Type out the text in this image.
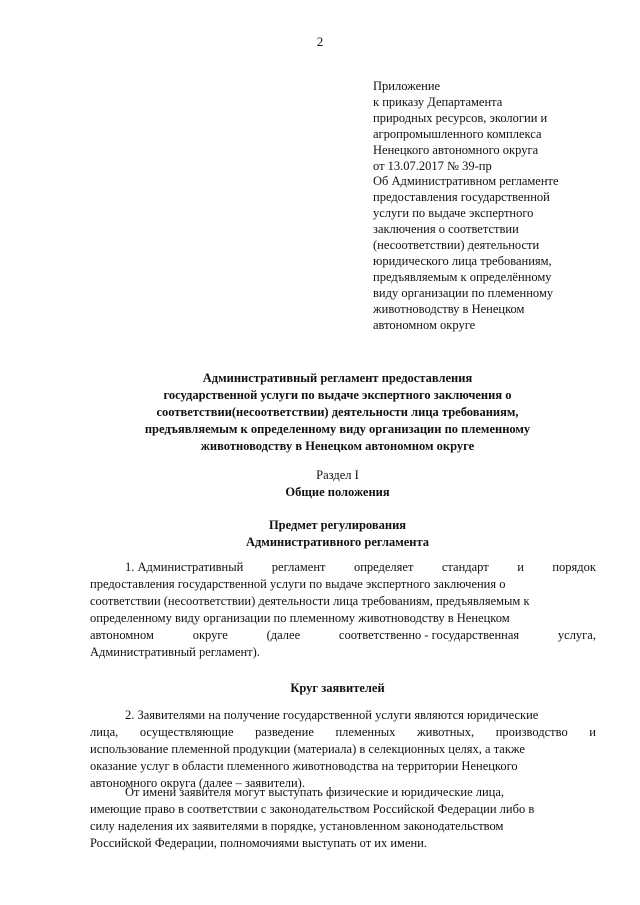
2
Приложение
к приказу Департамента
природных ресурсов, экологии и
агропромышленного комплекса
Ненецкого автономного округа
от 13.07.2017 № 39-пр
Об Административном регламенте
предоставления государственной
услуги по выдаче экспертного
заключения о соответствии
(несоответствии) деятельности
юридического лица требованиям,
предъявляемым к определённому
виду организации по племенному
животноводству в Ненецком
автономном округе
Административный регламент предоставления
государственной услуги по выдаче экспертного заключения о
соответствии(несоответствии) деятельности лица требованиям,
предъявляемым к определенному виду организации по племенному
животноводству в Ненецком автономном округе
Раздел I
Общие положения
Предмет регулирования
Административного регламента
1. Административный регламент определяет стандарт и порядок
предоставления государственной услуги по выдаче экспертного заключения о
соответствии (несоответствии) деятельности лица требованиям, предъявляемым к
определенному виду организации по племенному животноводству в Ненецком
автономном	округе	(далее	соответственно - государственная	услуга,
Административный регламент).
Круг заявителей
2. Заявителями на получение государственной услуги являются юридические
лица, осуществляющие разведение племенных животных, производство и
использование племенной продукции (материала) в селекционных целях, а также
оказание услуг в области племенного животноводства на территории Ненецкого
автономного округа (далее – заявители).
От имени заявителя могут выступать физические и юридические лица,
имеющие право в соответствии с законодательством Российской Федерации либо в
силу наделения их заявителями в порядке, установленном законодательством
Российской Федерации, полномочиями выступать от их имени.
